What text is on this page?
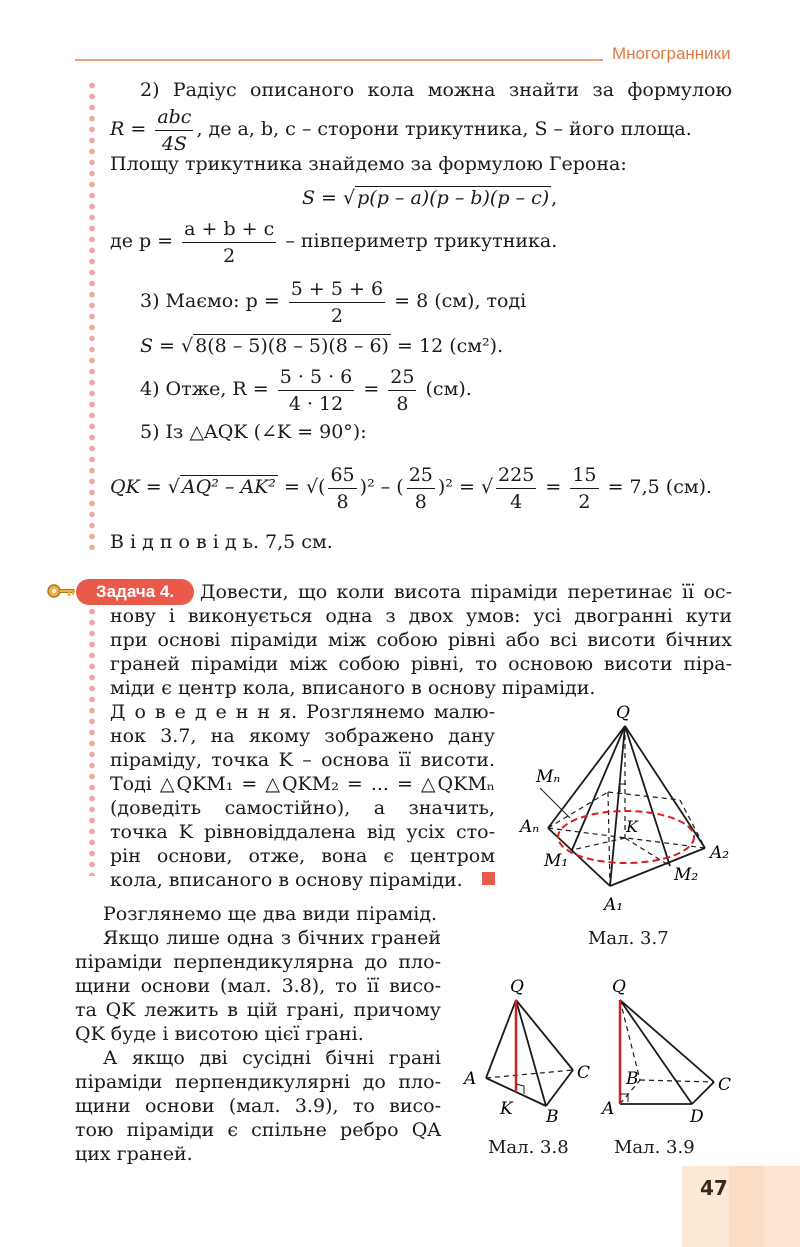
Многогранники
2) Радіус описаного кола можна знайти за формулою
$R = \frac{\text{abc}}{4S}$ , де a, b, c – сторони трикутника, S – його площа.
Площу трикутника знайдемо за формулою Герона:
S = √ p(p – a)(p – b)(p – c) ,
де $p = \frac{a + b + c}{2}$ – півпериметр трикутника.
3) Маємо: $p = \frac{5 + 5 + 6}{2} = 8$ (см), тоді
S = √ 8(8 – 5)(8 – 5)(8 – 6) = 12 (см²).
4) Отже, $R = \frac{5 \cdot 5 \cdot 6}{4 \cdot 12} = \frac{25}{8} (см)$.
5) Із △AQK (∠K = 90°):
QK = √ AQ² – AK² = √( $\frac{65}{8} )^2$ – ( $\frac{25}{8} )^2$ = √ $\frac{225}{4} = \frac{15}{2} = 7,5$ (см).
В і д п о в і д ь. 7,5 см.
Задача 4.	Довести, що коли висота піраміди перетинає її ос-
нову і виконується одна з двох умов: усі двогранні кути
при основі піраміди між собою рівні або всі висоти бічних
граней піраміди між собою рівні, то основою висоти піра-
міди є центр кола, вписаного в основу піраміди.
Д о в е д е н н я. Розглянемо малю-
нок 3.7, на якому зображено дану
піраміду, точка K – основа її висоти.
Тоді △QKM₁ = △QKM₂ = ... = △QKMₙ
(доведіть самостійно), а значить,
точка K рівновіддалена від усіх сто-
рін основи, отже, вона є центром
кола, вписаного в основу піраміди.
Розглянемо ще два види пірамід.
Якщо лише одна з бічних граней
піраміди перпендикулярна до пло-
щини основи (мал. 3.8), то її висо-
та QK лежить в цій грані, причому
QK буде і висотою цієї грані.
А якщо дві сусідні бічні грані
піраміди перпендикулярні до пло-
щини основи (мал. 3.9), то висо-
тою піраміди є спільне ребро QA
цих граней.
Q
Mₙ
Aₙ	K
M₁	A₂
M₂
A₁
Мал. 3.7
Q
A	C
K B
Мал. 3.8
Q
B	C
A	D
Мал. 3.9
47
